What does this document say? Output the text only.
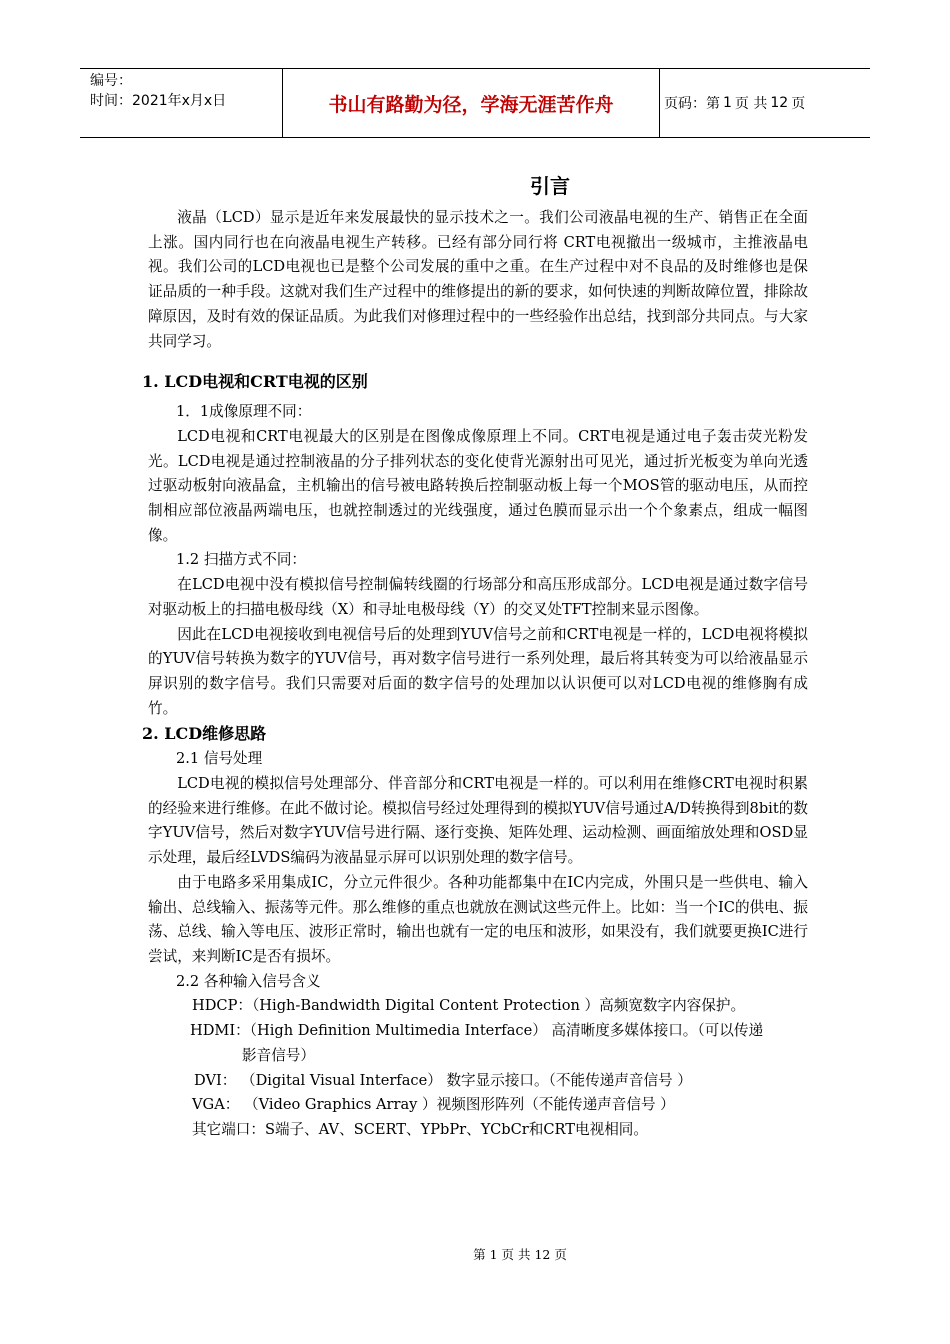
编号：
时间：2021年x月x日	书山有路勤为径，学海无涯苦作舟	页码：第 1 页 共 12 页
引言

液晶（LCD）显示是近年来发展最快的显示技术之一。我们公司液晶电视的生产、销售正在全面上涨。国内同行也在向液晶电视生产转移。已经有部分同行将 CRT电视撤出一级城市，主推液晶电视。我们公司的LCD电视也已是整个公司发展的重中之重。在生产过程中对不良品的及时维修也是保证品质的一种手段。这就对我们生产过程中的维修提出的新的要求，如何快速的判断故障位置，排除故障原因，及时有效的保证品质。为此我们对修理过程中的一些经验作出总结，找到部分共同点。与大家共同学习。

1. LCD电视和CRT电视的区别

1．1成像原理不同：

LCD电视和CRT电视最大的区别是在图像成像原理上不同。CRT电视是通过电子轰击荧光粉发光。LCD电视是通过控制液晶的分子排列状态的变化使背光源射出可见光，通过折光板变为单向光透过驱动板射向液晶盒，主机输出的信号被电路转换后控制驱动板上每一个MOS管的驱动电压，从而控制相应部位液晶两端电压，也就控制透过的光线强度，通过色膜而显示出一个个象素点，组成一幅图像。

1.2 扫描方式不同：

在LCD电视中没有模拟信号控制偏转线圈的行场部分和高压形成部分。LCD电视是通过数字信号对驱动板上的扫描电极母线（X）和寻址电极母线（Y）的交叉处TFT控制来显示图像。

因此在LCD电视接收到电视信号后的处理到YUV信号之前和CRT电视是一样的，LCD电视将模拟的YUV信号转换为数字的YUV信号，再对数字信号进行一系列处理，最后将其转变为可以给液晶显示屏识别的数字信号。我们只需要对后面的数字信号的处理加以认识便可以对LCD电视的维修胸有成竹。

2. LCD维修思路

2.1 信号处理

LCD电视的模拟信号处理部分、伴音部分和CRT电视是一样的。可以利用在维修CRT电视时积累的经验来进行维修。在此不做讨论。模拟信号经过处理得到的模拟YUV信号通过A/D转换得到8bit的数字YUV信号，然后对数字YUV信号进行隔、逐行变换、矩阵处理、运动检测、画面缩放处理和OSD显示处理，最后经LVDS编码为液晶显示屏可以识别处理的数字信号。

由于电路多采用集成IC，分立元件很少。各种功能都集中在IC内完成，外围只是一些供电、输入输出、总线输入、振荡等元件。那么维修的重点也就放在测试这些元件上。比如：当一个IC的供电、振荡、总线、输入等电压、波形正常时，输出也就有一定的电压和波形，如果没有，我们就要更换IC进行尝试，来判断IC是否有损坏。

2.2 各种输入信号含义

HDCP：（High-Bandwidth Digital Content Protection ）高频宽数字内容保护。

HDMI：（High Definition Multimedia Interface） 高清晰度多媒体接口。（可以传递

影音信号）

DVI： （Digital Visual Interface） 数字显示接口。（不能传递声音信号 ）

VGA： （Video Graphics Array ）视频图形阵列（不能传递声音信号 ）

其它端口：S端子、AV、SCERT、YPbPr、YCbCr和CRT电视相同。

第 1 页 共 12 页
